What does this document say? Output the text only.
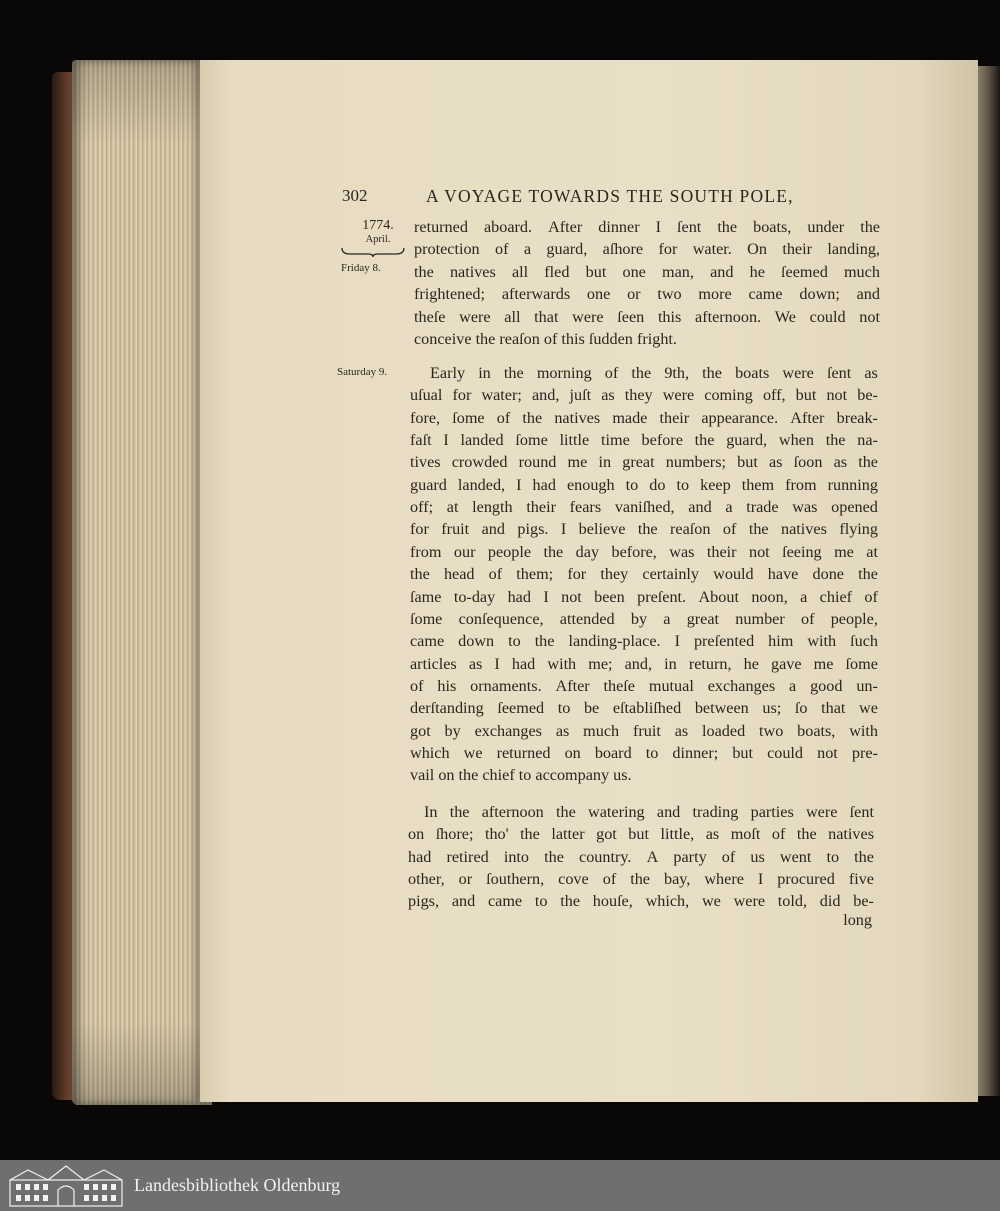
302	A VOYAGE TOWARDS THE SOUTH POLE,
1774.
April.
Friday 8.
Saturday 9.
returned aboard. After dinner I ſent the boats, under the
protection of a guard, aſhore for water. On their landing,
the natives all fled but one man, and he ſeemed much
frightened; afterwards one or two more came down; and
theſe were all that were ſeen this afternoon. We could not
conceive the reaſon of this ſudden fright.
Early in the morning of the 9th, the boats were ſent as
uſual for water; and, juſt as they were coming off, but not be-
fore, ſome of the natives made their appearance. After break-
faſt I landed ſome little time before the guard, when the na-
tives crowded round me in great numbers; but as ſoon as the
guard landed, I had enough to do to keep them from running
off; at length their fears vaniſhed, and a trade was opened
for fruit and pigs. I believe the reaſon of the natives flying
from our people the day before, was their not ſeeing me at
the head of them; for they certainly would have done the
ſame to-day had I not been preſent. About noon, a chief of
ſome conſequence, attended by a great number of people,
came down to the landing-place. I preſented him with ſuch
articles as I had with me; and, in return, he gave me ſome
of his ornaments. After theſe mutual exchanges a good un-
derſtanding ſeemed to be eſtabliſhed between us; ſo that we
got by exchanges as much fruit as loaded two boats, with
which we returned on board to dinner; but could not pre-
vail on the chief to accompany us.
In the afternoon the watering and trading parties were ſent
on ſhore; tho' the latter got but little, as moſt of the natives
had retired into the country. A party of us went to the
other, or ſouthern, cove of the bay, where I procured five
pigs, and came to the houſe, which, we were told, did be-
long
Landesbibliothek Oldenburg
